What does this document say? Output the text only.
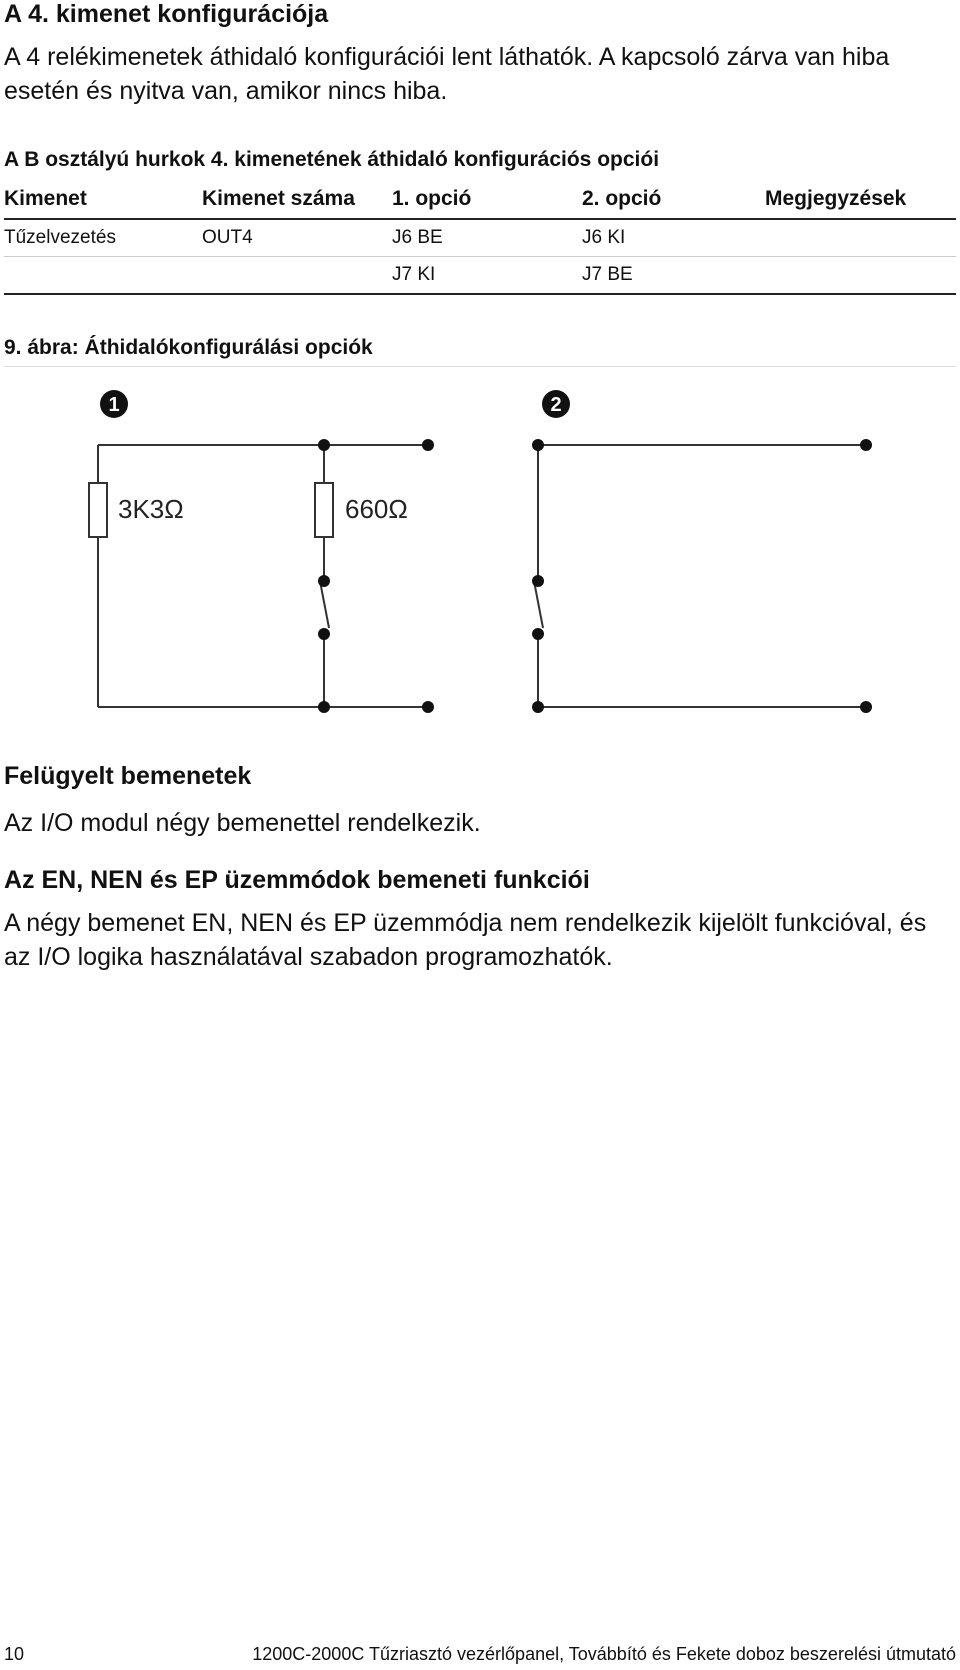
A 4. kimenet konfigurációja

A 4 relékimenetek áthidaló konfigurációi lent láthatók. A kapcsoló zárva van hiba esetén és nyitva van, amikor nincs hiba.

A B osztályú hurkok 4. kimenetének áthidaló konfigurációs opciói
Kimenet	Kimenet száma	1. opció	2. opció	Megjegyzések
Tűzelvezetés	OUT4	J6 BE	J6 KI	
		J7 KI	J7 BE	
9. ábra: Áthidalókonfigurálási opciók
1	2
3K3Ω	660Ω
Felügyelt bemenetek

Az I/O modul négy bemenettel rendelkezik.

Az EN, NEN és EP üzemmódok bemeneti funkciói

A négy bemenet EN, NEN és EP üzemmódja nem rendelkezik kijelölt funkcióval, és az I/O logika használatával szabadon programozhatók.

10	1200C-2000C Tűzriasztó vezérlőpanel, Továbbító és Fekete doboz beszerelési útmutató
